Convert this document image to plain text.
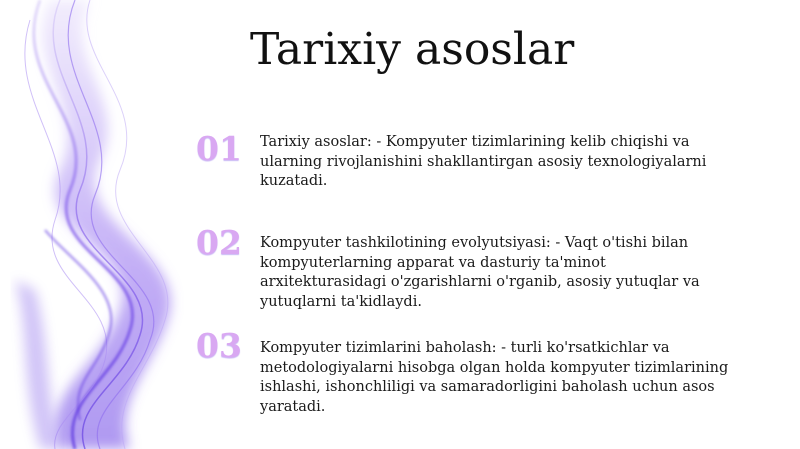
Tarixiy asoslar
01	Tarixiy asoslar: - Kompyuter tizimlarining kelib chiqishi va ularning rivojlanishini shakllantirgan asosiy texnologiyalarni kuzatadi.
02	Kompyuter tashkilotining evolyutsiyasi: - Vaqt o'tishi bilan kompyuterlarning apparat va dasturiy ta'minot arxitekturasidagi o'zgarishlarni o'rganib, asosiy yutuqlar va yutuqlarni ta'kidlaydi.
03	Kompyuter tizimlarini baholash: - turli ko'rsatkichlar va metodologiyalarni hisobga olgan holda kompyuter tizimlarining ishlashi, ishonchliligi va samaradorligini baholash uchun asos yaratadi.
